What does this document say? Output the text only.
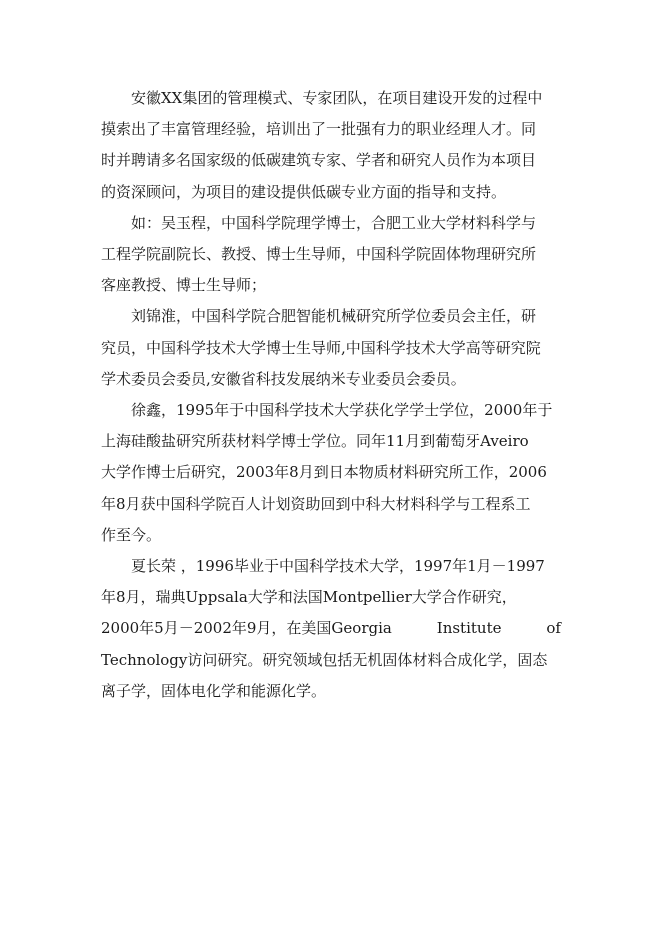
安徽XX集团的管理模式、专家团队，在项目建设开发的过程中
摸索出了丰富管理经验，培训出了一批强有力的职业经理人才。同
时并聘请多名国家级的低碳建筑专家、学者和研究人员作为本项目
的资深顾问，为项目的建设提供低碳专业方面的指导和支持。

如：吴玉程，中国科学院理学博士，合肥工业大学材料科学与
工程学院副院长、教授、博士生导师，中国科学院固体物理研究所
客座教授、博士生导师；

刘锦淮，中国科学院合肥智能机械研究所学位委员会主任，研
究员，中国科学技术大学博士生导师,中国科学技术大学高等研究院
学术委员会委员,安徽省科技发展纳米专业委员会委员。

徐鑫，1995年于中国科学技术大学获化学学士学位，2000年于
上海硅酸盐研究所获材料学博士学位。同年11月到葡萄牙Aveiro
大学作博士后研究，2003年8月到日本物质材料研究所工作，2006
年8月获中国科学院百人计划资助回到中科大材料科学与工程系工
作至今。

夏长荣 ，1996毕业于中国科学技术大学，1997年1月－1997
年8月，瑞典Uppsala大学和法国Montpellier大学合作研究，
2000年5月－2002年9月，在美国Georgia	Institute	of
Technology访问研究。研究领域包括无机固体材料合成化学，固态
离子学，固体电化学和能源化学。
